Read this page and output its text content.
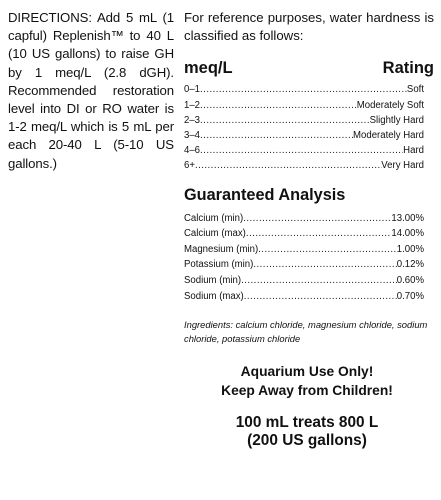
DIRECTIONS: Add 5 mL (1 capful) Replenish™ to 40 L (10 US gallons) to raise GH by 1 meq/L (2.8 dGH). Recommended restoration level into DI or RO water is 1-2 meq/L which is 5 mL per each 20-40 L (5-10 US gallons.)

For reference purposes, water hardness is classified as follows:

meq/L	Rating
0–1 .....	Soft
1–2 .....	Moderately Soft
2–3 .....	Slightly Hard
3–4 .....	Moderately Hard
4–6 .....	Hard
6+ .....	Very Hard
Guaranteed Analysis
Calcium (min) .....	13.00%
Calcium (max) .....	14.00%
Magnesium (min) .....	1.00%
Potassium (min) .....	0.12%
Sodium (min) .....	0.60%
Sodium (max) .....	0.70%
Ingredients: calcium chloride, magnesium chloride, sodium chloride, potassium chloride
Aquarium Use Only!
Keep Away from Children!
100 mL treats 800 L
(200 US gallons)
